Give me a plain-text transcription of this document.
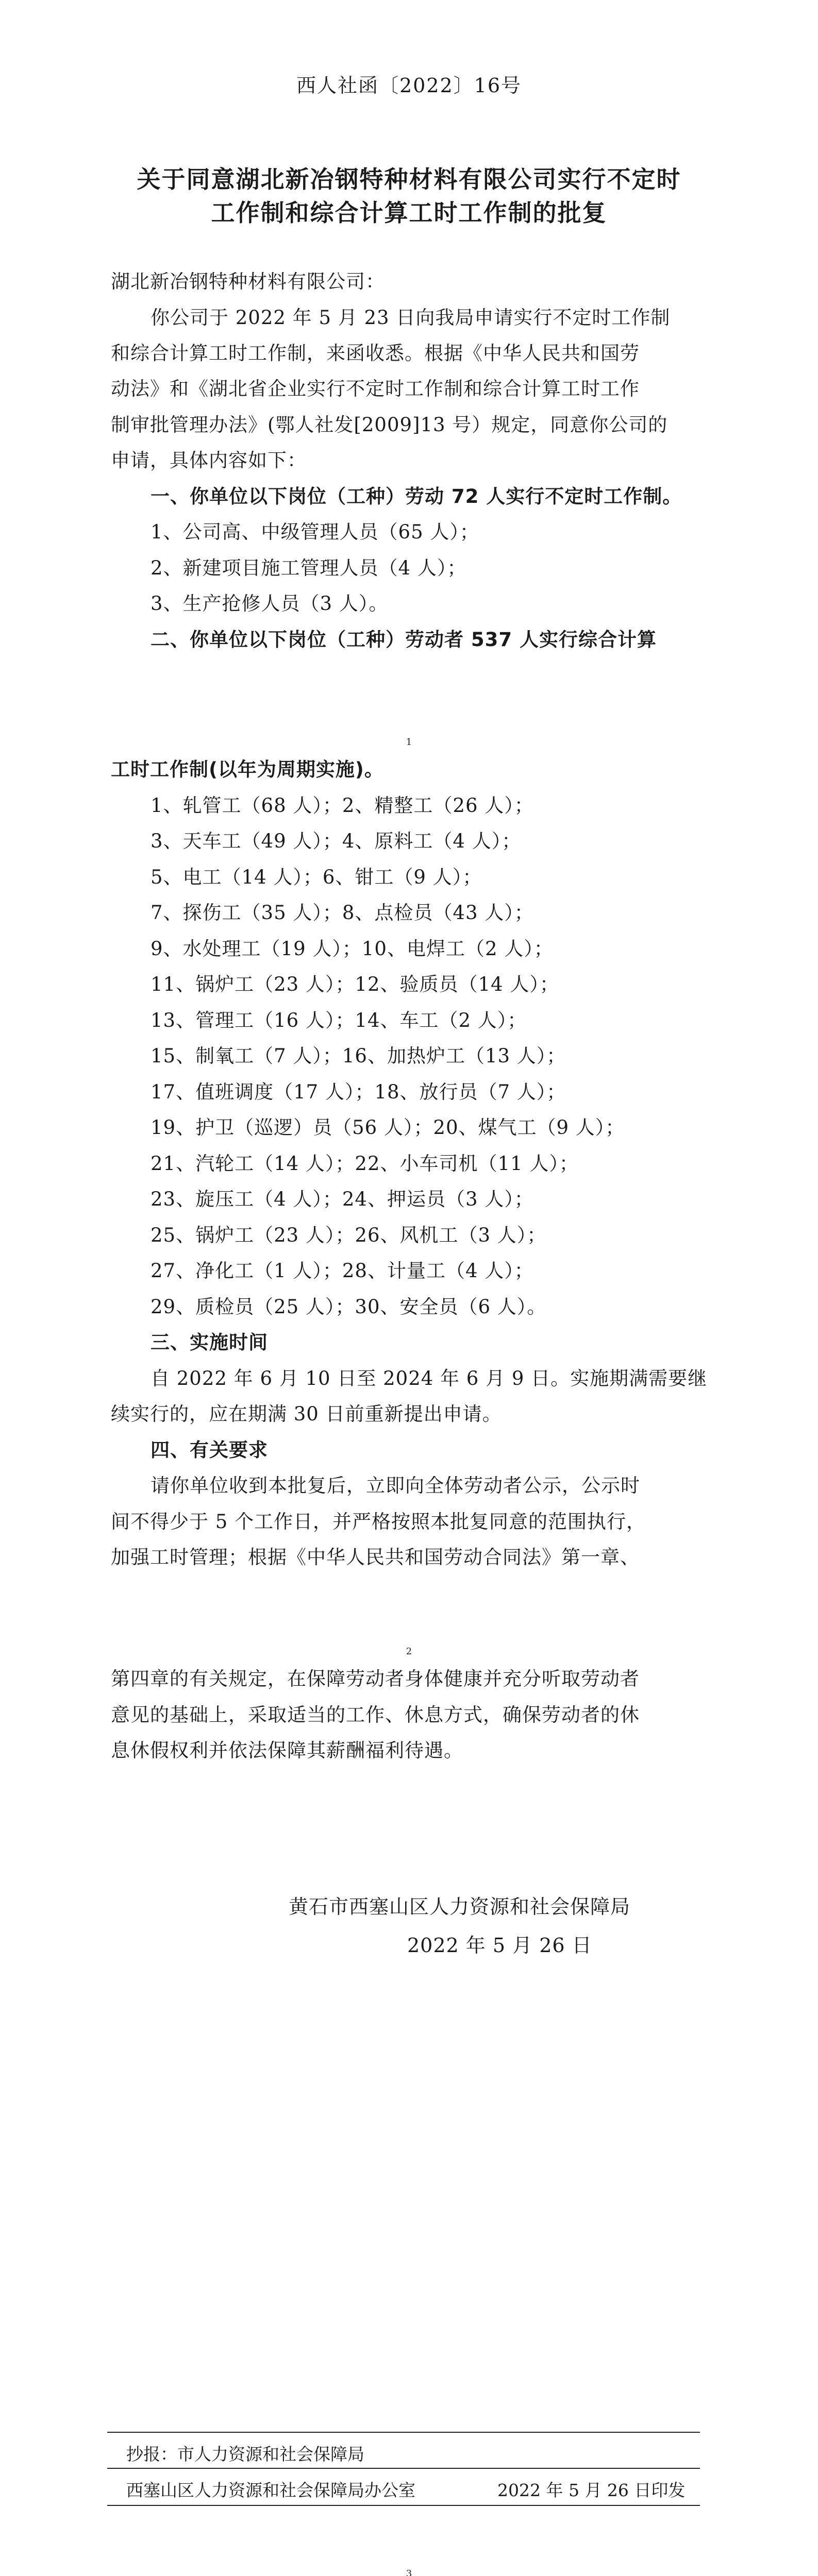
西人社函〔2022〕16号
关于同意湖北新冶钢特种材料有限公司实行不定时
工作制和综合计算工时工作制的批复
湖北新冶钢特种材料有限公司：
你公司于 2022 年 5 月 23 日向我局申请实行不定时工作制
和综合计算工时工作制，来函收悉。根据《中华人民共和国劳
动法》和《湖北省企业实行不定时工作制和综合计算工时工作
制审批管理办法》(鄂人社发[2009]13 号）规定，同意你公司的
申请，具体内容如下：
一、你单位以下岗位（工种）劳动 72 人实行不定时工作制。
1、公司高、中级管理人员（65 人）；
2、新建项目施工管理人员（4 人）；
3、生产抢修人员（3 人）。
二、你单位以下岗位（工种）劳动者 537 人实行综合计算
1
工时工作制(以年为周期实施)。
1、轧管工（68 人）；2、精整工（26 人）；
3、天车工（49 人）；4、原料工（4 人）；
5、电工（14 人）；6、钳工（9 人）；
7、探伤工（35 人）；8、点检员（43 人）；
9、水处理工（19 人）；10、电焊工（2 人）；
11、锅炉工（23 人）；12、验质员（14 人）；
13、管理工（16 人）；14、车工（2 人）；
15、制氧工（7 人）；16、加热炉工（13 人）；
17、值班调度（17 人）；18、放行员（7 人）；
19、护卫（巡逻）员（56 人）；20、煤气工（9 人）；
21、汽轮工（14 人）；22、小车司机（11 人）；
23、旋压工（4 人）；24、押运员（3 人）；
25、锅炉工（23 人）；26、风机工（3 人）；
27、净化工（1 人）；28、计量工（4 人）；
29、质检员（25 人）；30、安全员（6 人）。
三、实施时间
自 2022 年 6 月 10 日至 2024 年 6 月 9 日。实施期满需要继
续实行的，应在期满 30 日前重新提出申请。
四、有关要求
请你单位收到本批复后，立即向全体劳动者公示，公示时
间不得少于 5 个工作日，并严格按照本批复同意的范围执行，
加强工时管理；根据《中华人民共和国劳动合同法》第一章、
2
第四章的有关规定，在保障劳动者身体健康并充分听取劳动者
意见的基础上，采取适当的工作、休息方式，确保劳动者的休
息休假权利并依法保障其薪酬福利待遇。
黄石市西塞山区人力资源和社会保障局
2022 年 5 月 26 日
抄报：市人力资源和社会保障局
西塞山区人力资源和社会保障局办公室	2022 年 5 月 26 日印发
3
